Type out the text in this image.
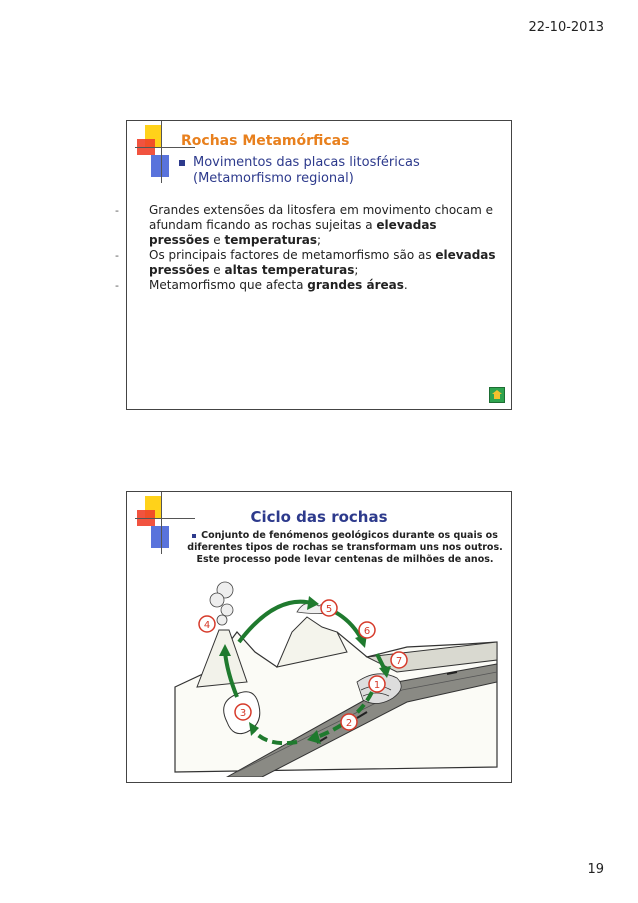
22-10-2013
Rochas Metamórficas
Movimentos das placas litosféricas
(Metamorfismo regional)
-	Grandes extensões da litosfera em movimento chocam e afundam ficando as rochas sujeitas a elevadas pressões e temperaturas;
-	Os principais factores de metamorfismo são as elevadas pressões e altas temperaturas;
-	Metamorfismo que afecta grandes áreas.
Ciclo das rochas
Conjunto de fenómenos geológicos durante os quais os
diferentes tipos de rochas se transformam uns nos outros.
Este processo pode levar centenas de milhões de anos.
4
5
6
7
1
2
3
19
